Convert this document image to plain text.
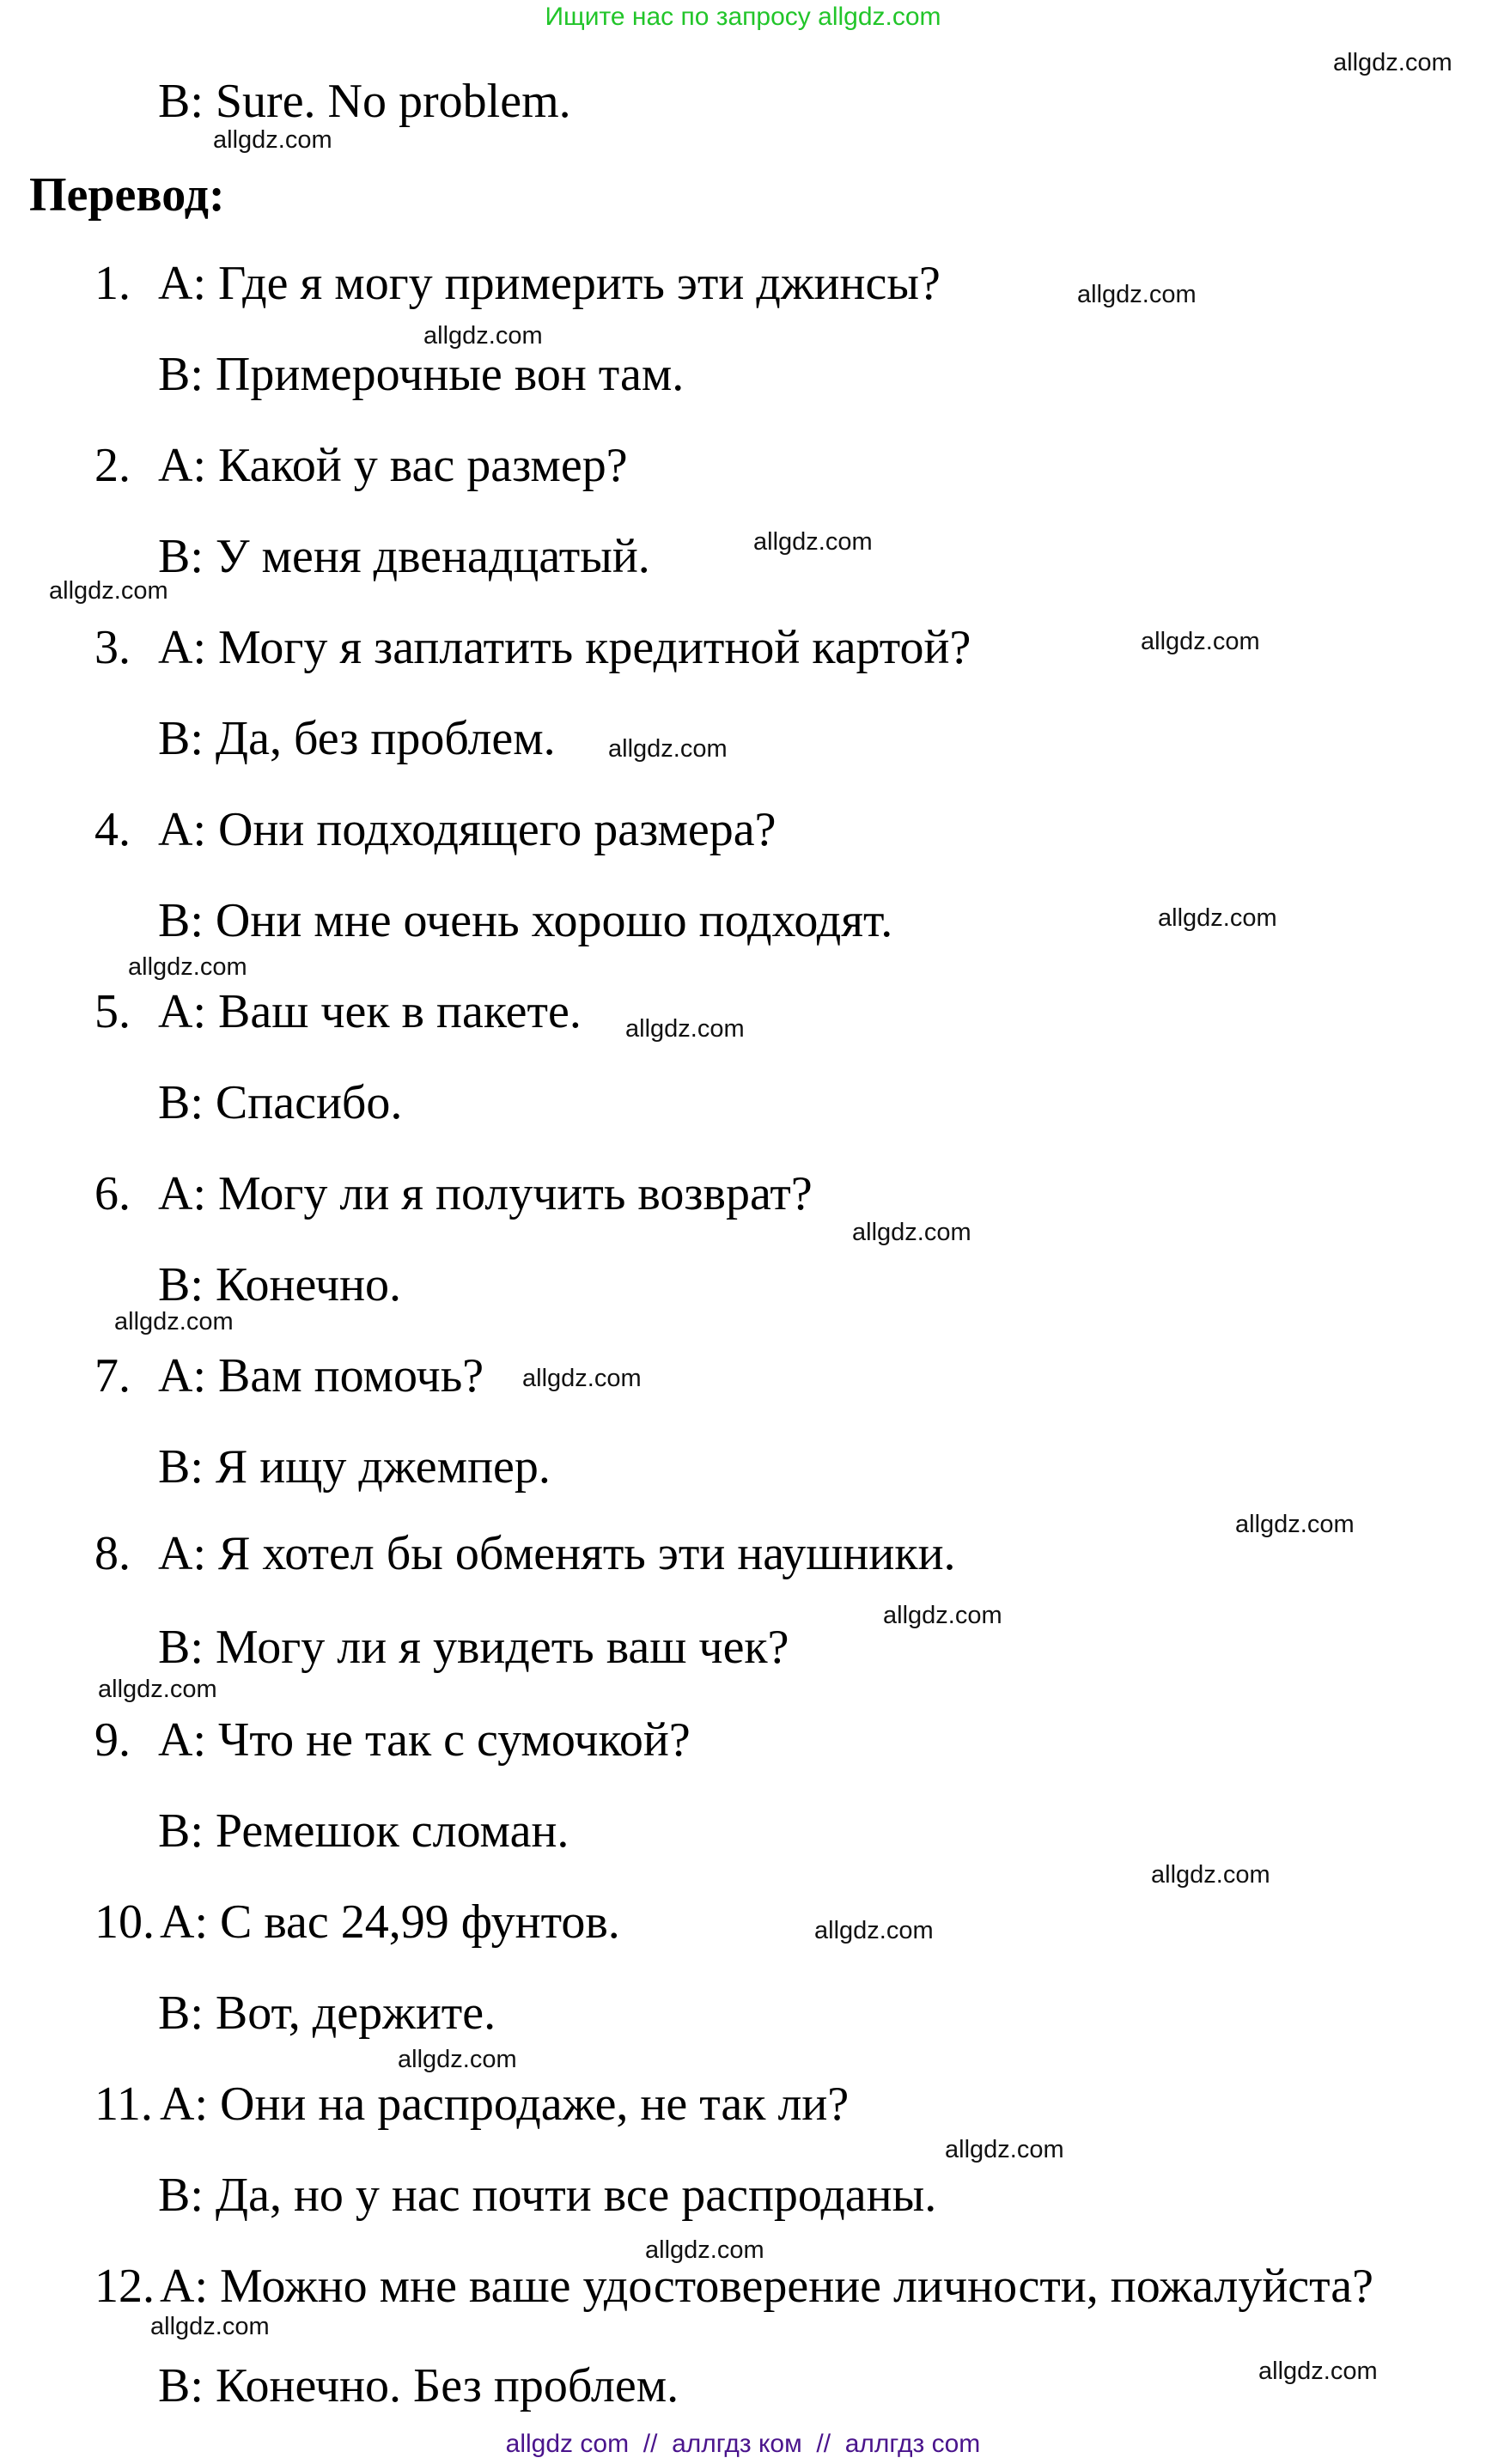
Ищите нас по запросу allgdz.com
allgdz.com
allgdz.com
B: Sure. No problem.
Перевод:
1. A: Где я могу примерить эти джинсы?	allgdz.com
allgdz.com
B: Примерочные вон там.
2. A: Какой у вас размер?
allgdz.com
B: У меня двенадцатый.
allgdz.com
3. A: Могу я заплатить кредитной картой?	allgdz.com
B: Да, без проблем. allgdz.com
4. A: Они подходящего размера?
B: Они мне очень хорошо подходят.	allgdz.com
allgdz.com
5. A: Ваш чек в пакете. allgdz.com
B: Спасибо.
6. A: Могу ли я получить возврат?
allgdz.com
B: Конечно.
allgdz.com
7. A: Вам помочь? allgdz.com
B: Я ищу джемпер.
allgdz.com
8. A: Я хотел бы обменять эти наушники.
allgdz.com
B: Могу ли я увидеть ваш чек?
allgdz.com
9. A: Что не так с сумочкой?
B: Ремешок сломан.
allgdz.com
10. A: С вас 24,99 фунтов.	allgdz.com
B: Вот, держите.
allgdz.com
11. A: Они на распродаже, не так ли?
allgdz.com
B: Да, но у нас почти все распроданы.
allgdz.com
12. A: Можно мне ваше удостоверение личности, пожалуйста?
allgdz.com
B: Конечно. Без проблем.	allgdz.com
allgdz com  //  аллгдз ком  //  аллгдз com
